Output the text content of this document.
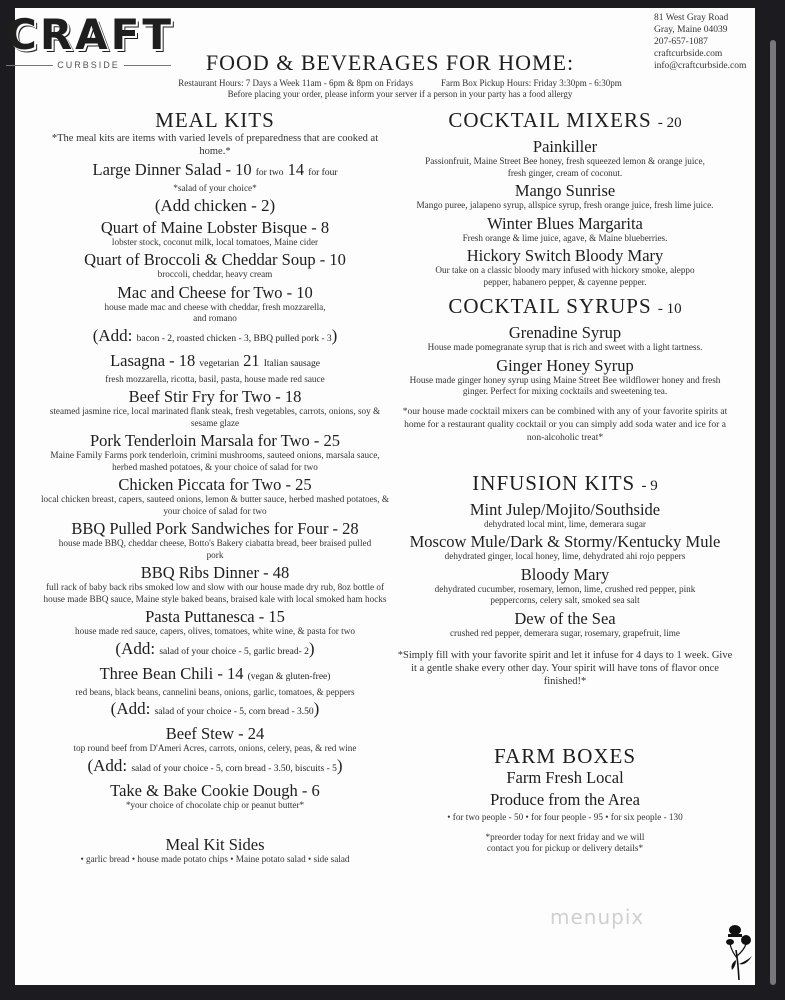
CRAFT
CURBSIDE
81 West Gray Road
Gray, Maine 04039
207-657-1087
craftcurbside.com
info@craftcurbside.com
FOOD & BEVERAGES FOR HOME:
Restaurant Hours: 7 Days a Week 11am - 6pm & 8pm on Fridays	Farm Box Pickup Hours: Friday 3:30pm - 6:30pm
Before placing your order, please inform your server if a person in your party has a food allergy
MEAL KITS
*The meal kits are items with varied levels of preparedness that are cooked at home.*
Large Dinner Salad - 10 for two 14 for four
*salad of your choice*
(Add chicken - 2)
Quart of Maine Lobster Bisque - 8
lobster stock, coconut milk, local tomatoes, Maine cider
Quart of Broccoli & Cheddar Soup - 10
broccoli, cheddar, heavy cream
Mac and Cheese for Two - 10
house made mac and cheese with cheddar, fresh mozzarella, and romano
(Add: bacon - 2, roasted chicken - 3, BBQ pulled pork - 3)
Lasagna - 18 vegetarian 21 Italian sausage
fresh mozzarella, ricotta, basil, pasta, house made red sauce
Beef Stir Fry for Two - 18
steamed jasmine rice, local marinated flank steak, fresh vegetables, carrots, onions, soy & sesame glaze
Pork Tenderloin Marsala for Two - 25
Maine Family Farms pork tenderloin, crimini mushrooms, sauteed onions, marsala sauce, herbed mashed potatoes, & your choice of salad for two
Chicken Piccata for Two - 25
local chicken breast, capers, sauteed onions, lemon & butter sauce, herbed mashed potatoes, & your choice of salad for two
BBQ Pulled Pork Sandwiches for Four - 28
house made BBQ, cheddar cheese, Botto's Bakery ciabatta bread, beer braised pulled pork
BBQ Ribs Dinner - 48
full rack of baby back ribs smoked low and slow with our house made dry rub, 8oz bottle of house made BBQ sauce, Maine style baked beans, braised kale with local smoked ham hocks
Pasta Puttanesca - 15
house made red sauce, capers, olives, tomatoes, white wine, & pasta for two
(Add: salad of your choice - 5, garlic bread- 2)
Three Bean Chili - 14 (vegan & gluten-free)
red beans, black beans, cannelini beans, onions, garlic, tomatoes, & peppers
(Add: salad of your choice - 5, corn bread - 3.50)
Beef Stew - 24
top round beef from D'Ameri Acres, carrots, onions, celery, peas, & red wine
(Add: salad of your choice - 5, corn bread - 3.50, biscuits - 5)
Take & Bake Cookie Dough - 6
*your choice of chocolate chip or peanut butter*
Meal Kit Sides
• garlic bread • house made potato chips • Maine potato salad • side salad
COCKTAIL MIXERS - 20
Painkiller
Passionfruit, Maine Street Bee honey, fresh squeezed lemon & orange juice, fresh ginger, cream of coconut.
Mango Sunrise
Mango puree, jalapeno syrup, allspice syrup, fresh orange juice, fresh lime juice.
Winter Blues Margarita
Fresh orange & lime juice, agave, & Maine blueberries.
Hickory Switch Bloody Mary
Our take on a classic bloody mary infused with hickory smoke, aleppo pepper, habanero pepper, & cayenne pepper.
COCKTAIL SYRUPS - 10
Grenadine Syrup
House made pomegranate syrup that is rich and sweet with a light tartness.
Ginger Honey Syrup
House made ginger honey syrup using Maine Street Bee wildflower honey and fresh ginger. Perfect for mixing cocktails and sweetening tea.
*our house made cocktail mixers can be combined with any of your favorite spirits at home for a restaurant quality cocktail or you can simply add soda water and ice for a non-alcoholic treat*
INFUSION KITS - 9
Mint Julep/Mojito/Southside
dehydrated local mint, lime, demerara sugar
Moscow Mule/Dark & Stormy/Kentucky Mule
dehydrated ginger, local honey, lime, dehydrated ahi rojo peppers
Bloody Mary
dehydrated cucumber, rosemary, lemon, lime, crushed red pepper, pink peppercorns, celery salt, smoked sea salt
Dew of the Sea
crushed red pepper, demerara sugar, rosemary, grapefruit, lime
*Simply fill with your favorite spirit and let it infuse for 4 days to 1 week. Give it a gentle shake every other day. Your spirit will have tons of flavor once finished!*
FARM BOXES
Farm Fresh Local
Produce from the Area
• for two people - 50 • for four people - 95 • for six people - 130
*preorder today for next friday and we will contact you for pickup or delivery details*
menupix
